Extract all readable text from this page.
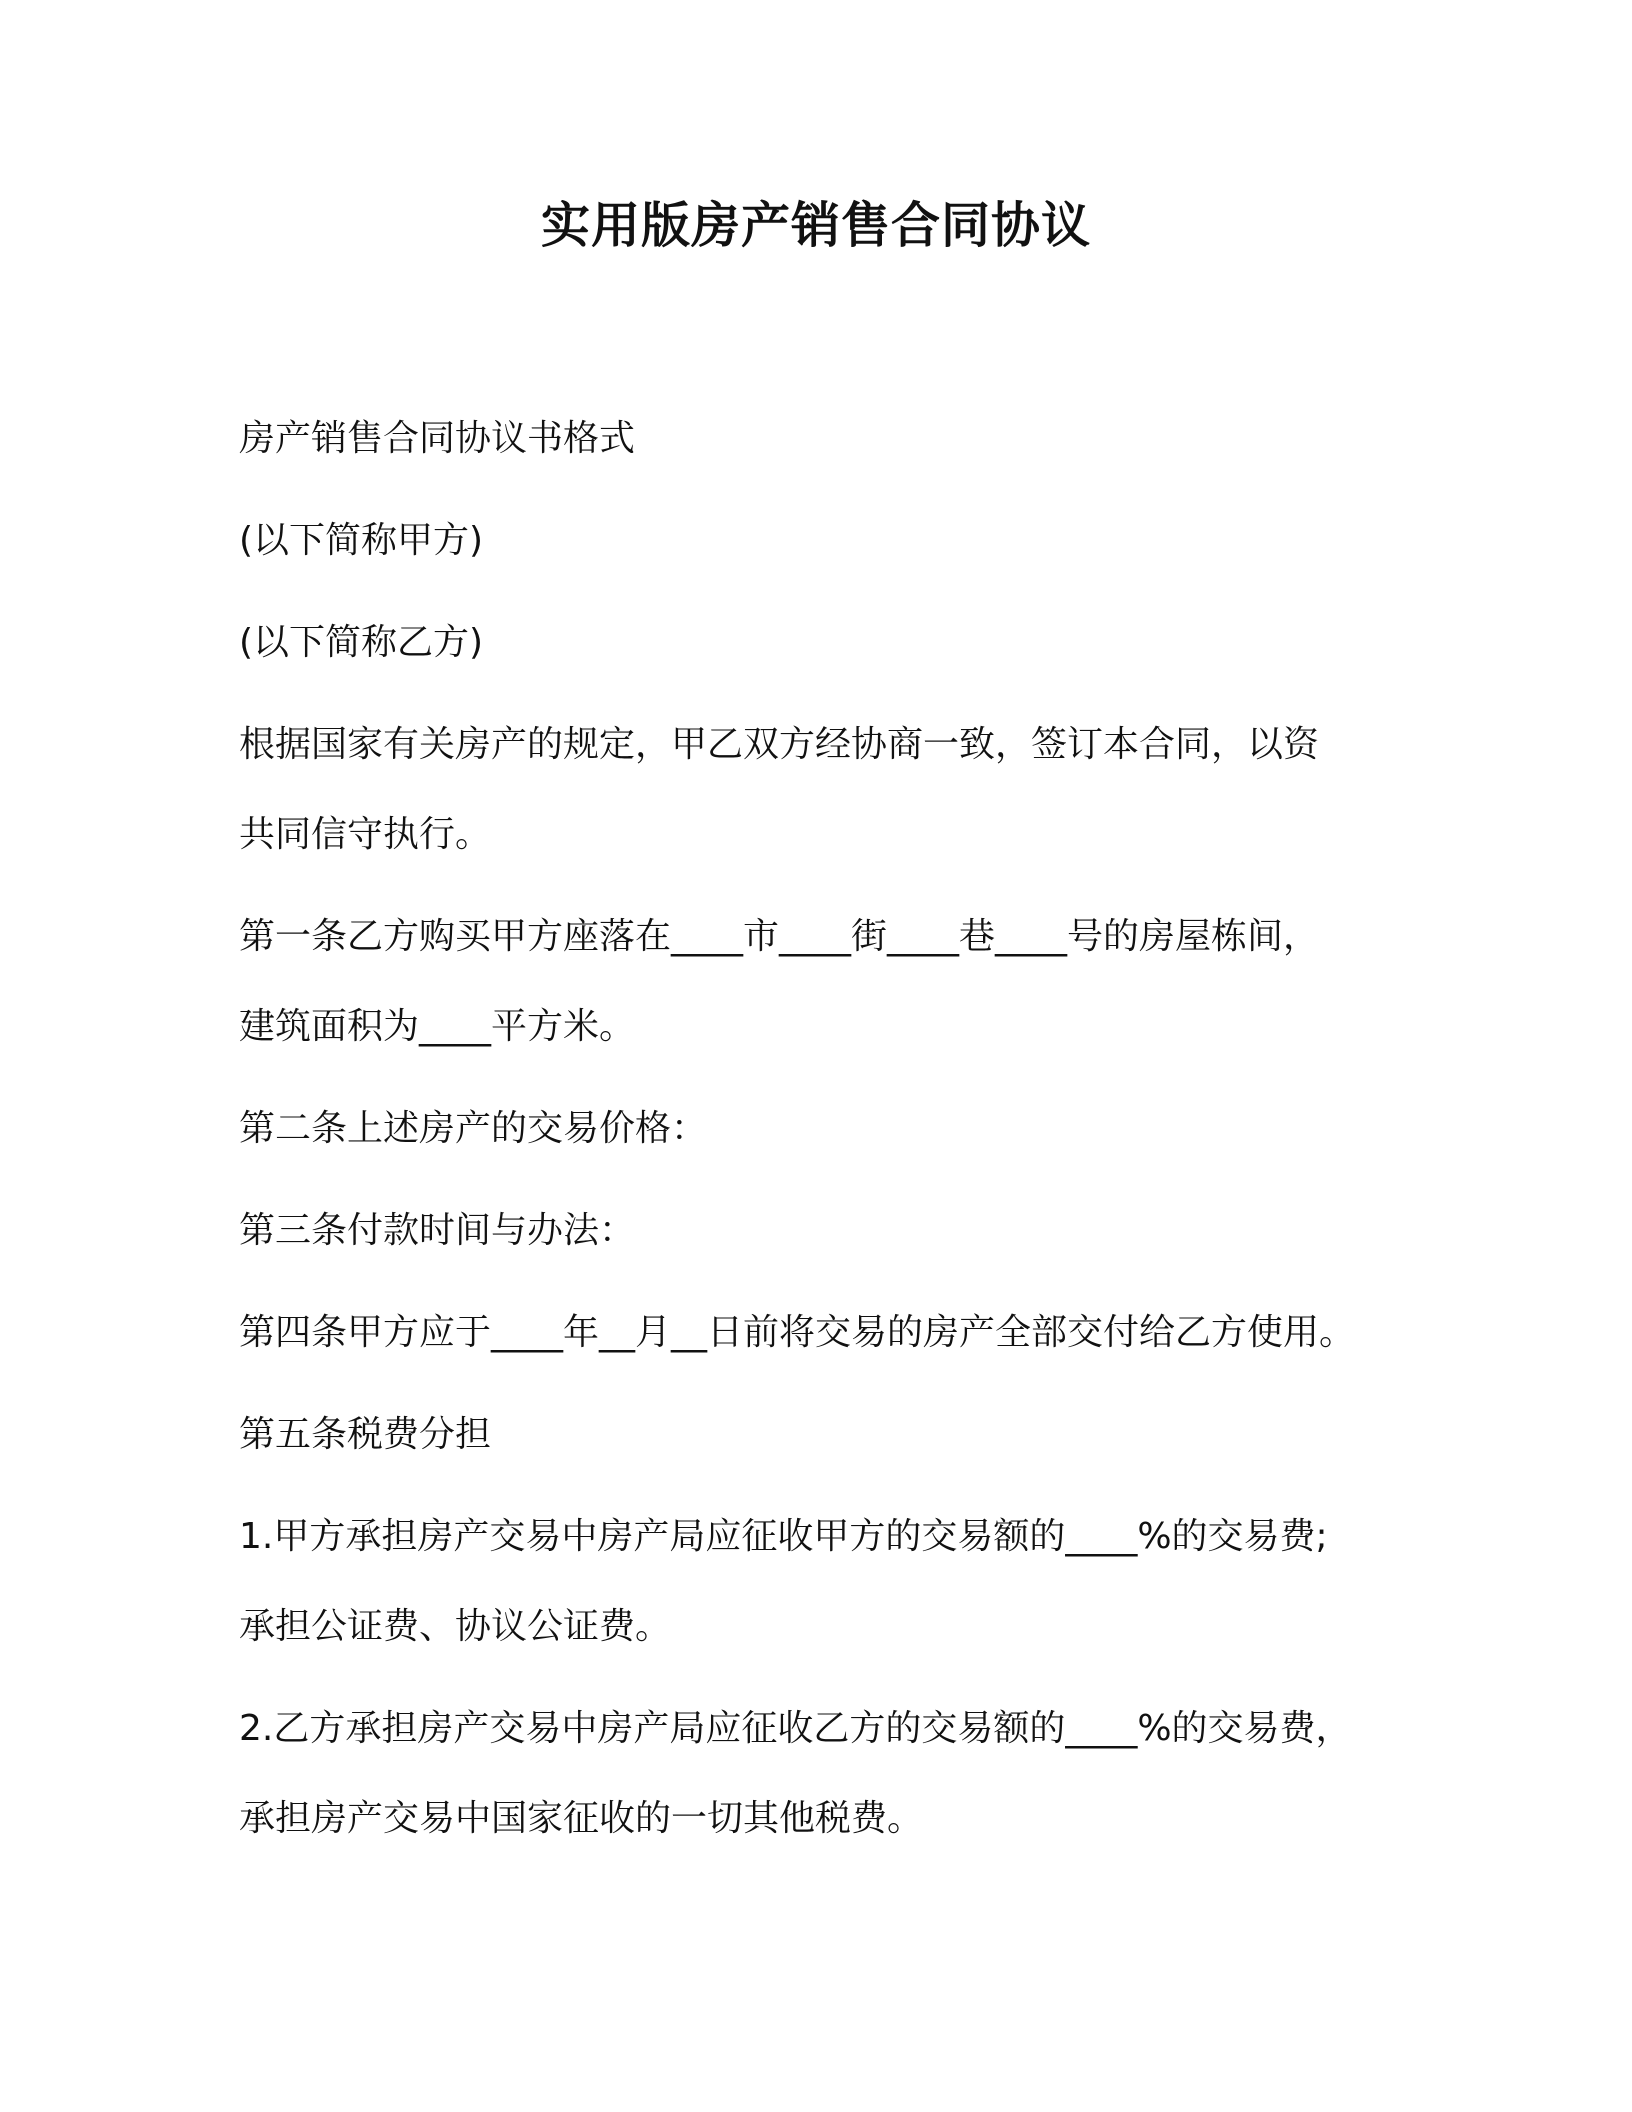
实用版房产销售合同协议

房产销售合同协议书格式

(以下简称甲方)

(以下简称乙方)

根据国家有关房产的规定，甲乙双方经协商一致，签订本合同，以资
共同信守执行。

第一条乙方购买甲方座落在____市____街____巷____号的房屋栋间，
建筑面积为____平方米。

第二条上述房产的交易价格：

第三条付款时间与办法：

第四条甲方应于____年__月__日前将交易的房产全部交付给乙方使用。

第五条税费分担

1.甲方承担房产交易中房产局应征收甲方的交易额的____%的交易费;
承担公证费、协议公证费。

2.乙方承担房产交易中房产局应征收乙方的交易额的____%的交易费，
承担房产交易中国家征收的一切其他税费。
